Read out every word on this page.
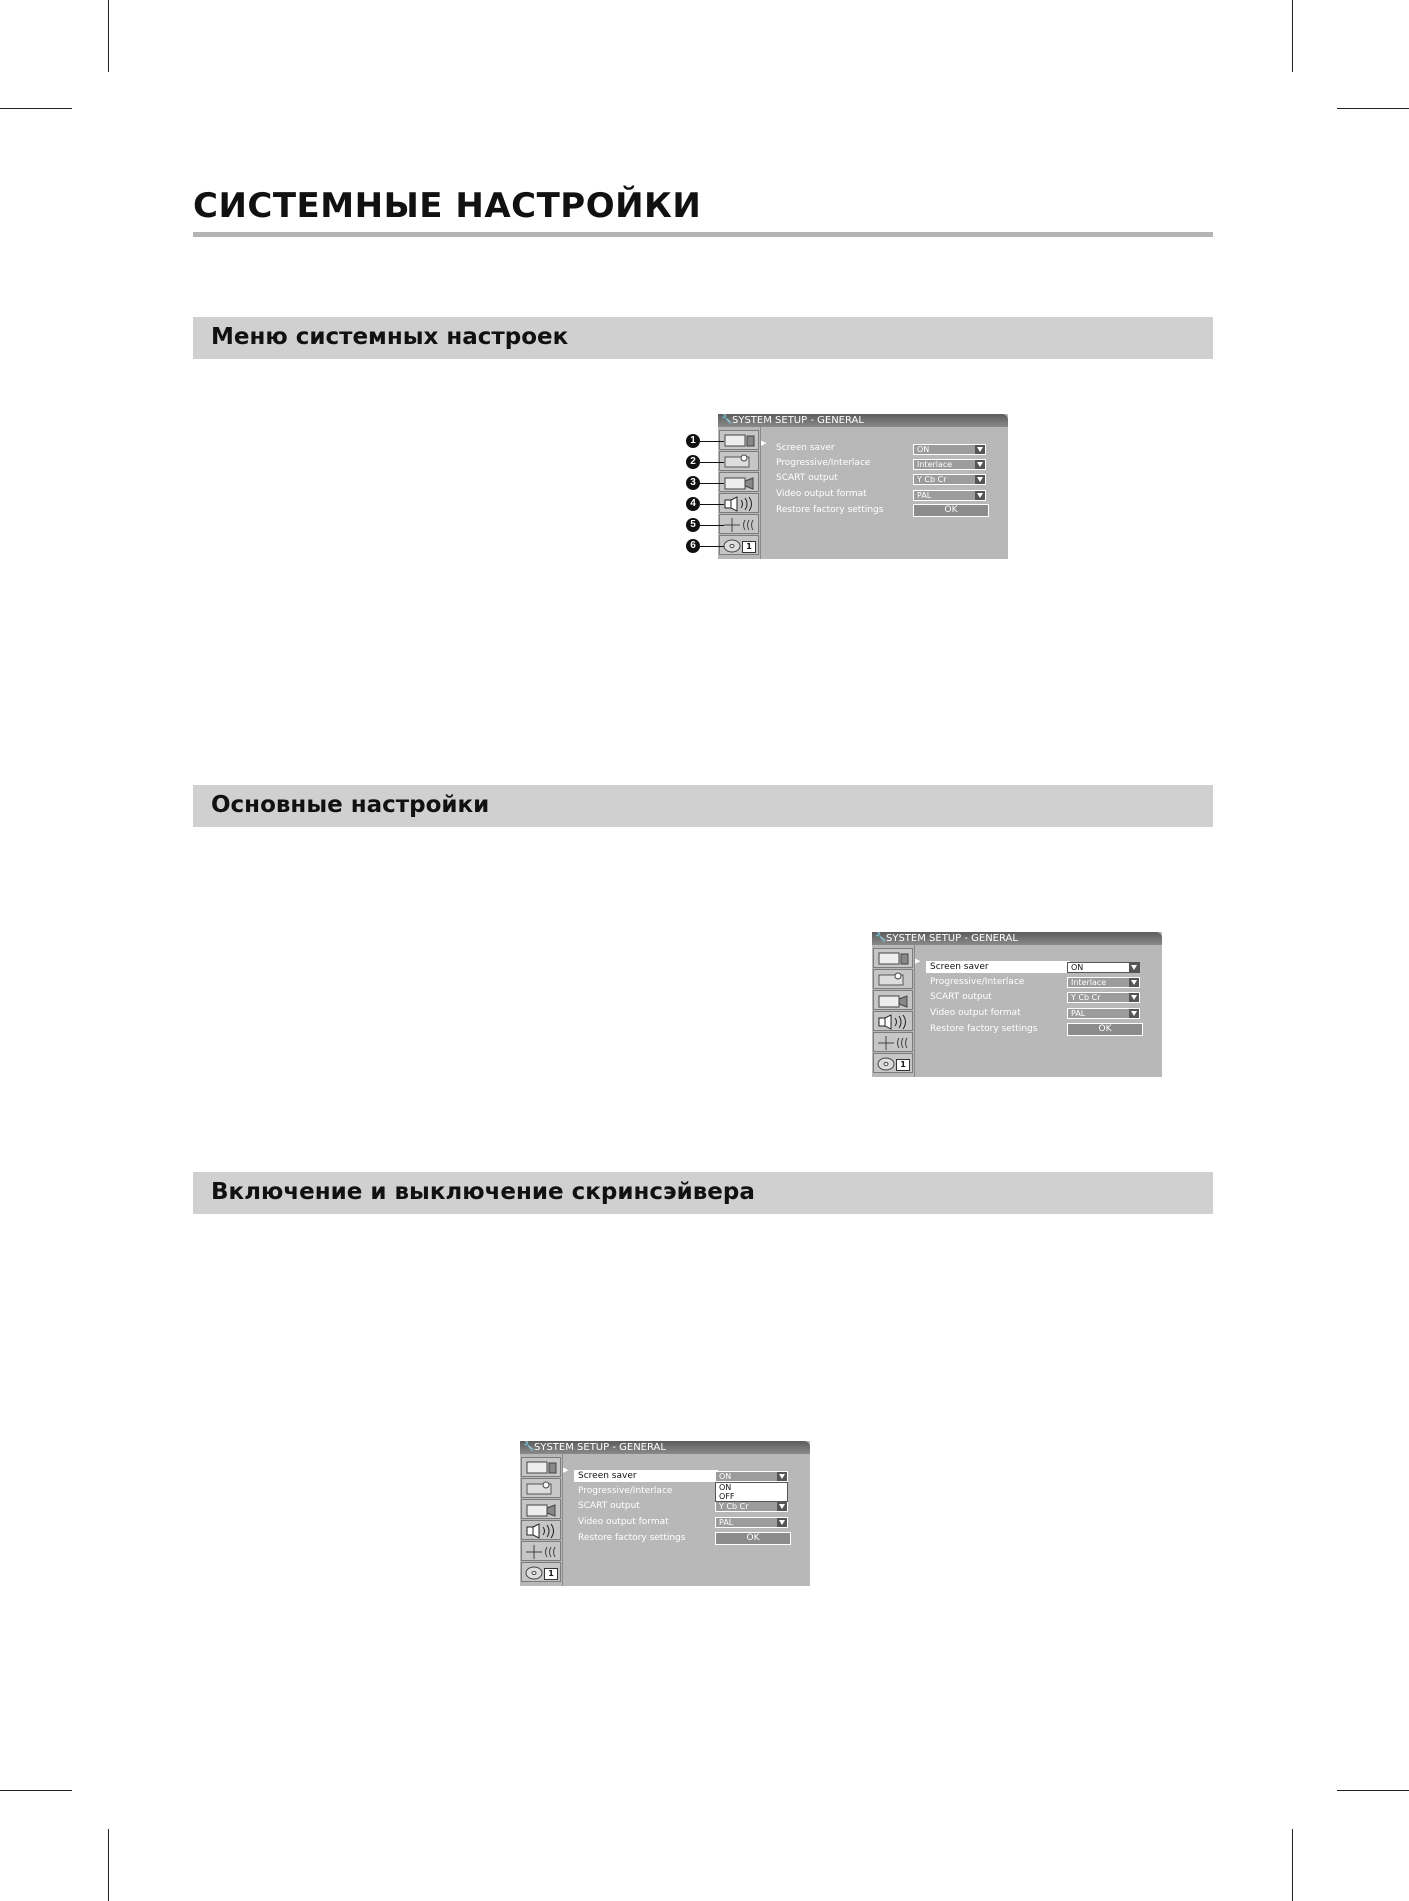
СИСТЕМНЫЕ НАСТРОЙКИ
Меню системных настроек
Основные настройки
Включение и выключение скринсэйвера
🔧 SYSTEM SETUP - GENERAL
1
▶ Screen saver
Progressive/Interlace
SCART output
Video output format
Restore factory settings
ON
Interlace
Y Cb Cr
PAL
OK
1
2
3
4
5
6
🔧 SYSTEM SETUP - GENERAL
1
▶
Screen saver
Progressive/Interlace
SCART output
Video output format
Restore factory settings
ON
Interlace
Y Cb Cr
PAL
OK
🔧 SYSTEM SETUP - GENERAL
1
▶
Screen saver
Progressive/Interlace
SCART output
Video output format
Restore factory settings
ON
Y Cb Cr
PAL
ON
OFF
OK
